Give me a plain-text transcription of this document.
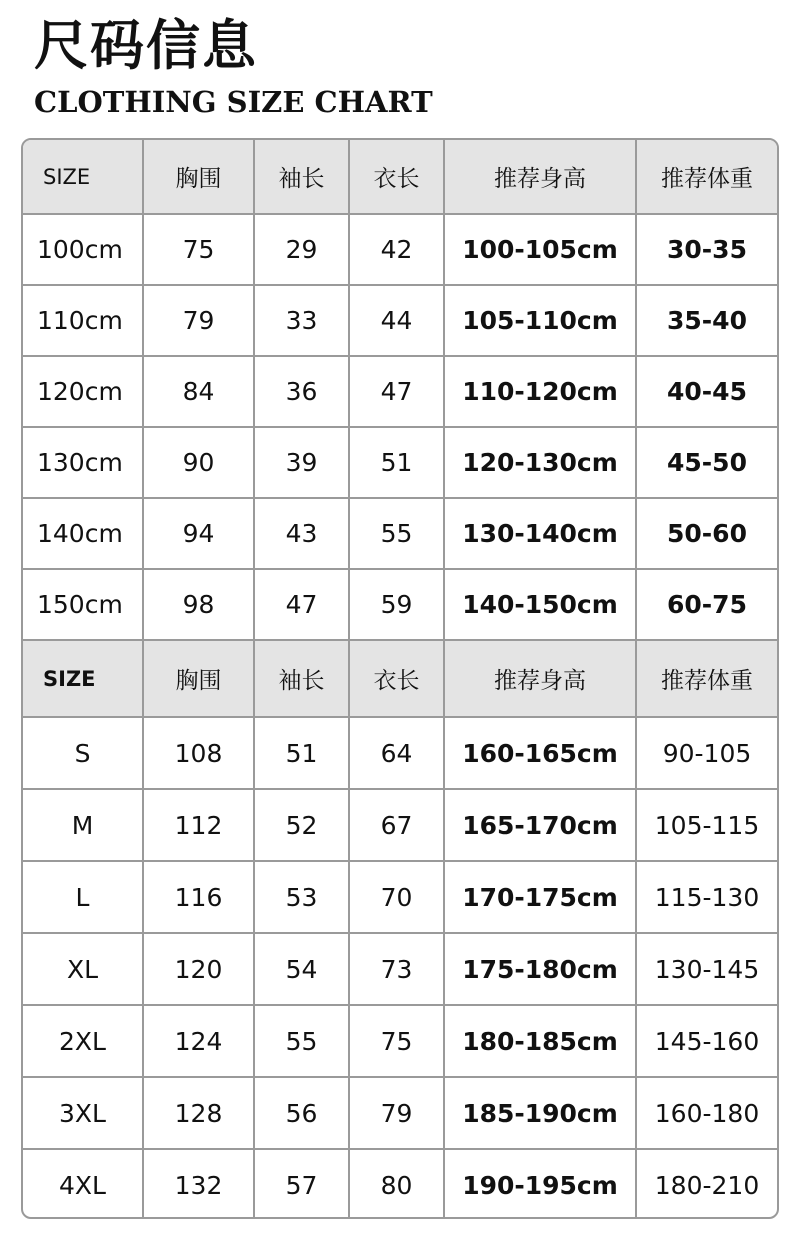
尺码信息
CLOTHING SIZE CHART
SIZE	胸围	袖长	衣长	推荐身高	推荐体重
100cm	75	29	42	100-105cm	30-35
110cm	79	33	44	105-110cm	35-40
120cm	84	36	47	110-120cm	40-45
130cm	90	39	51	120-130cm	45-50
140cm	94	43	55	130-140cm	50-60
150cm	98	47	59	140-150cm	60-75
SIZE	胸围	袖长	衣长	推荐身高	推荐体重
S	108	51	64	160-165cm	90-105
M	112	52	67	165-170cm	105-115
L	116	53	70	170-175cm	115-130
XL	120	54	73	175-180cm	130-145
2XL	124	55	75	180-185cm	145-160
3XL	128	56	79	185-190cm	160-180
4XL	132	57	80	190-195cm	180-210
